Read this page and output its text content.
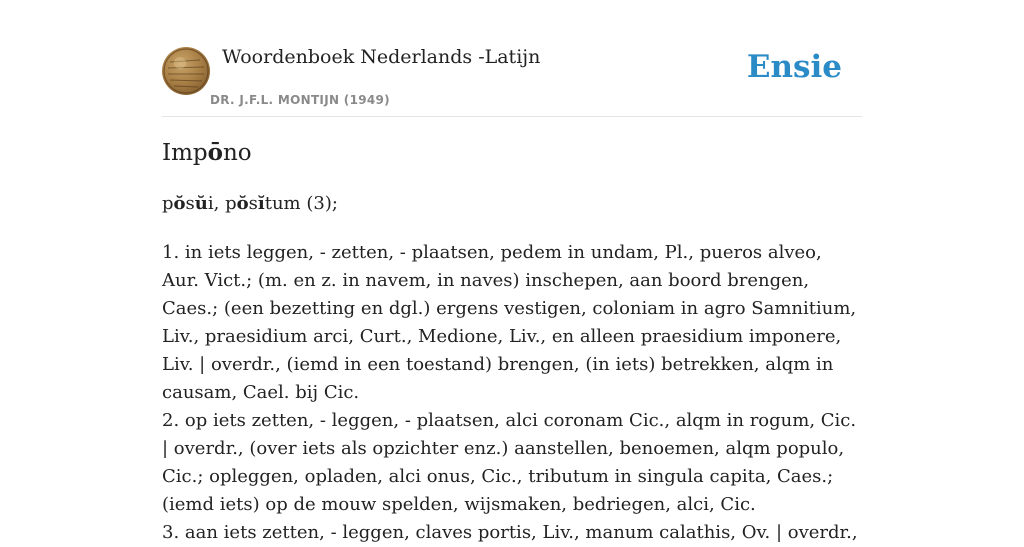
Woordenboek Nederlands -Latijn
DR. J.F.L. MONTIJN (1949)
Ensie
Impōno
pŏsŭi, pŏsĭtum (3);

1. in iets leggen, - zetten, - plaatsen, pedem in undam, Pl., pueros alveo, Aur. Vict.; (m. en z. in navem, in naves) inschepen, aan boord brengen, Caes.; (een bezetting en dgl.) ergens vestigen, coloniam in agro Samnitium, Liv., praesidium arci, Curt., Medione, Liv., en alleen praesidium imponere, Liv. | overdr., (iemd in een toestand) brengen, (in iets) betrekken, alqm in causam, Cael. bij Cic.

2. op iets zetten, - leggen, - plaatsen, alci coronam Cic., alqm in rogum, Cic. | overdr., (over iets als opzichter enz.) aanstellen, benoemen, alqm populo, Cic.; opleggen, opladen, alci onus, Cic., tributum in singula capita, Caes.; (iemd iets) op de mouw spelden, wijsmaken, bedriegen, alci, Cic.

3. aan iets zetten, - leggen, claves portis, Liv., manum calathis, Ov. | overdr.,
